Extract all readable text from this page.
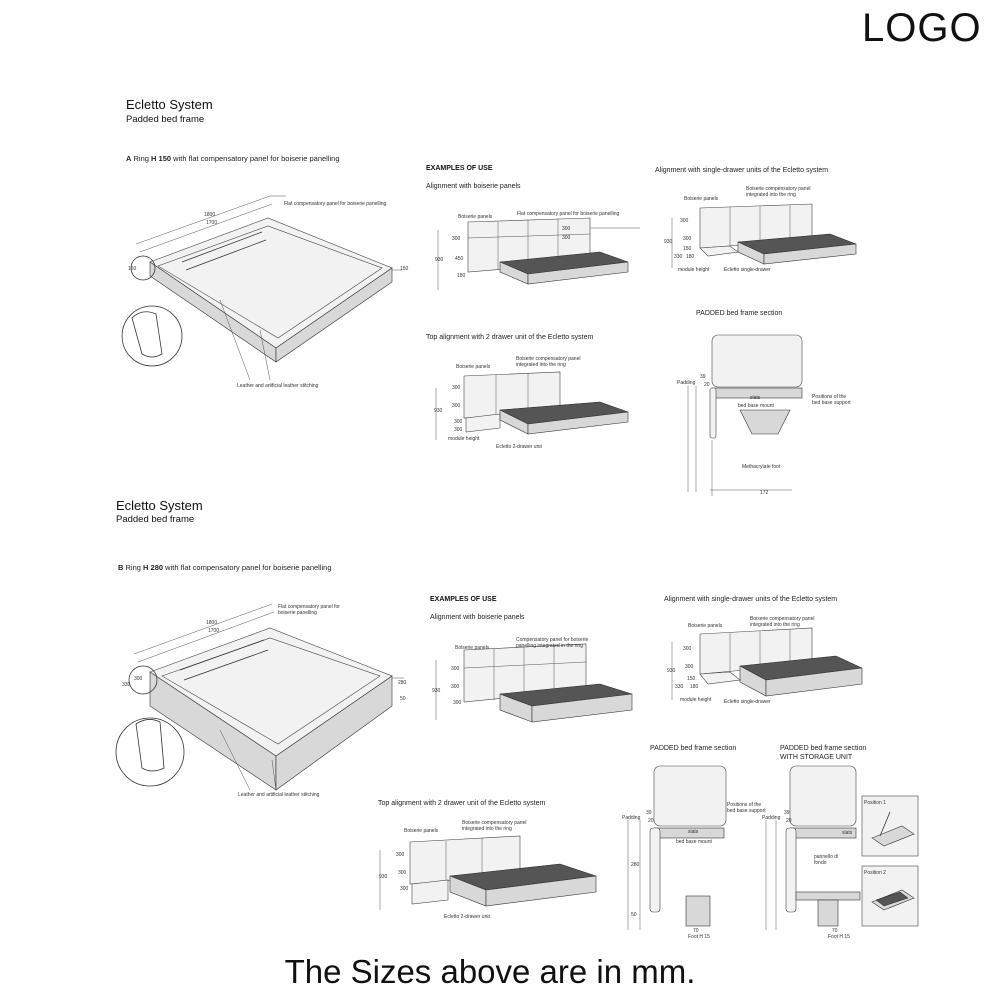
LOGO
Ecletto System
Padded bed frame
A Ring H 150 with flat compensatory panel for boiserie panelling
1800
1700
150	150
Flat compensatory panel for boiserie panelling
Leather and artificial leather stitching
EXAMPLES OF USE
Alignment with boiserie panels
Boiserie panels	Flat compensatory panel for boiserie panelling
300
300
300
930 450
180
Alignment with single-drawer units of the Ecletto system
Boiserie panels
Boiserie compensatory panel integrated into the ring
300
300
930
150
330 180
module height	Ecletto single-drawer
Top alignment with 2 drawer unit of the Ecletto system
Boiserie panels
Boiserie compensatory panel integrated into the ring
300
300
930
300
300
module height
Ecletto 2-drawer unit
PADDED bed frame section
Padding
39
20
slats
bed base mount
Positions of the bed base support
Methacrylate foot
172
Ecletto System
Padded bed frame
B Ring H 280 with flat compensatory panel for boiserie panelling
1800
1700
300
330	280
50
Flat compensatory panel for boiserie panelling
Leather and artificial leather stitching
EXAMPLES OF USE
Alignment with boiserie panels
Boiserie panels
Compensatory panel for boiserie panelling integrated in the ring
300
300
930
300
Alignment with single-drawer units of the Ecletto system
Boiserie panels
Boiserie compensatory panel integrated into the ring
300
300
930
150
330 180
module height	Ecletto single-drawer
Top alignment with 2 drawer unit of the Ecletto system
Boiserie panels
Boiserie compensatory panel integrated into the ring
300
300
930
300
Ecletto 2-drawer unit
PADDED bed frame section
Padding
39
20
slats
bed base mount
Positions of the bed base support
280
50
70
Foot H 15
PADDED bed frame section
WITH STORAGE UNIT
Padding
39
20
slats
pannello di fondo
70
Foot H 15
Position 1
Position 2
The Sizes above are in mm.
